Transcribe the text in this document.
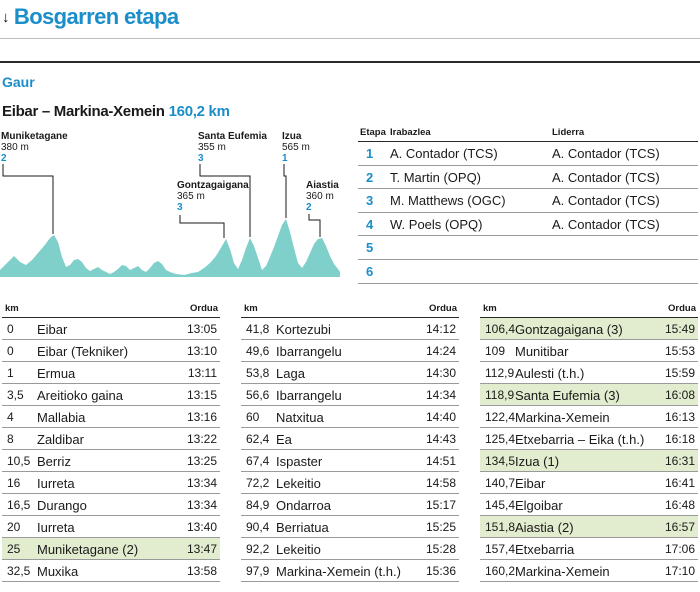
↓ Bosgarren etapa
Gaur
Eibar – Markina-Xemein 160,2 km
Muniketagane
380 m
2
Gontzagaigana
365 m
3
Santa Eufemia
355 m
3
Izua
565 m
1
Aiastia
360 m
2
Etapa Irabazlea	Liderra
1 A. Contador (TCS)	A. Contador (TCS)
2 T. Martin (OPQ)	A. Contador (TCS)
3 M. Matthews (OGC)	A. Contador (TCS)
4 W. Poels (OPQ)	A. Contador (TCS)
5
6
km	Ordua
0 Eibar	13:05
0 Eibar (Tekniker)	13:10
1 Ermua	13:11
3,5 Areitioko gaina	13:15
4 Mallabia	13:16
8 Zaldibar	13:22
10,5 Berriz	13:25
16 Iurreta	13:34
16,5 Durango	13:34
20 Iurreta	13:40
25 Muniketagane (2)	13:47
32,5 Muxika	13:58
km	Ordua
41,8 Kortezubi	14:12
49,6 Ibarrangelu	14:24
53,8 Laga	14:30
56,6 Ibarrangelu	14:34
60 Natxitua	14:40
62,4 Ea	14:43
67,4 Ispaster	14:51
72,2 Lekeitio	14:58
84,9 Ondarroa	15:17
90,4 Berriatua	15:25
92,2 Lekeitio	15:28
97,9 Markina-Xemein (t.h.) 15:36
km	Ordua
106,4 Gontzagaigana (3)	15:49
109 Munitibar	15:53
112,9 Aulesti (t.h.)	15:59
118,9 Santa Eufemia (3)	16:08
122,4 Markina-Xemein	16:13
125,4 Etxebarria – Eika (t.h.) 16:18
134,5 Izua (1)	16:31
140,7 Eibar	16:41
145,4 Elgoibar	16:48
151,8 Aiastia (2)	16:57
157,4 Etxebarria	17:06
160,2 Markina-Xemein	17:10
